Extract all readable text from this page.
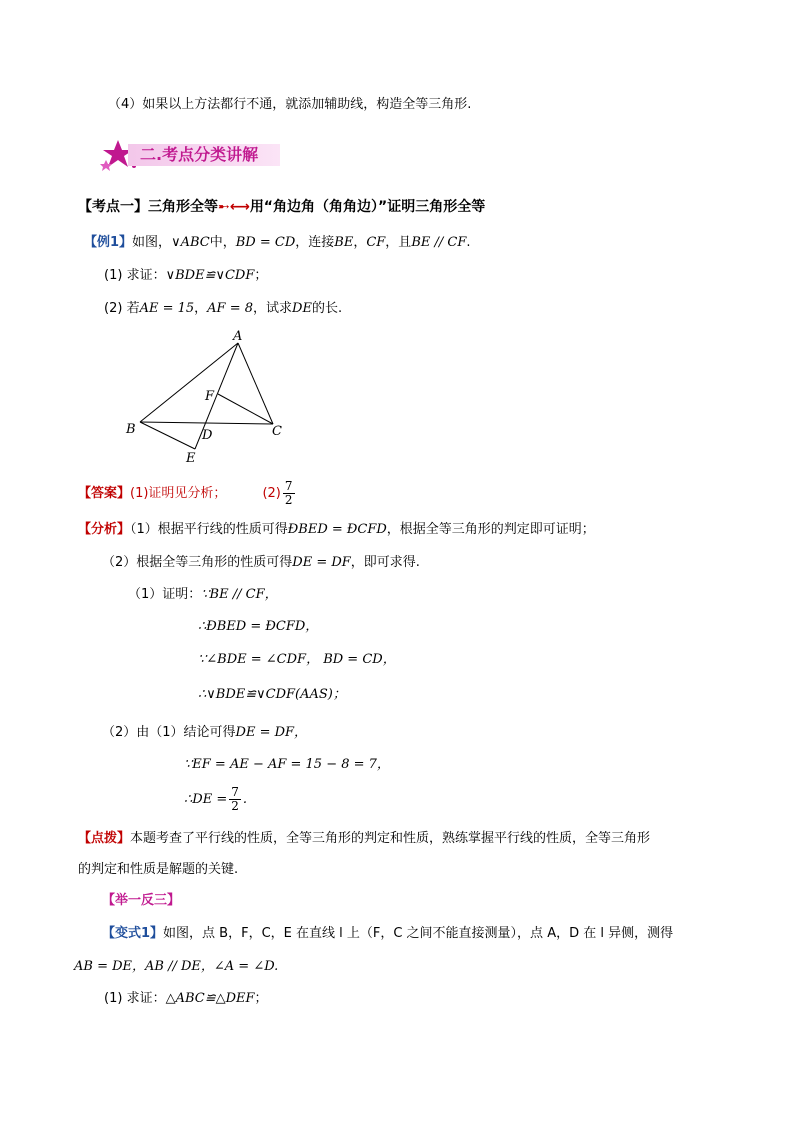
（4）如果以上方法都行不通，就添加辅助线，构造全等三角形.
二.考点分类讲解
【考点一】三角形全等➸⟷用“角边角（角角边）”证明三角形全等
【例1】如图，∨ABC中，BD = CD，连接BE，CF，且BE // CF.
(1) 求证：∨BDE≌∨CDF；
(2) 若AE = 15，AF = 8，试求DE的长.
A
B	C
D
E
F
【答案】(1)证明见分析；	$(2) \frac{7}{2}$
【分析】（1）根据平行线的性质可得ÐBED = ÐCFD，根据全等三角形的判定即可证明；
（2）根据全等三角形的性质可得DE = DF，即可求得.
（1）证明：∵BE // CF，
∴ÐBED = ÐCFD，
∵∠BDE = ∠CDF， BD = CD，
∴∨BDE≌∨CDF(AAS)；
（2）由（1）结论可得DE = DF，
∵EF = AE − AF = 15 − 8 = 7，
∴DE = $\frac{7}{2}$ .
【点拨】本题考查了平行线的性质，全等三角形的判定和性质，熟练掌握平行线的性质，全等三角形
的判定和性质是解题的关键.
【举一反三】
【变式1】如图，点 B，F，C，E 在直线 l 上（F，C 之间不能直接测量），点 A，D 在 l 异侧，测得
AB = DE，AB // DE，∠A = ∠D.
(1) 求证：△ABC≌△DEF；
